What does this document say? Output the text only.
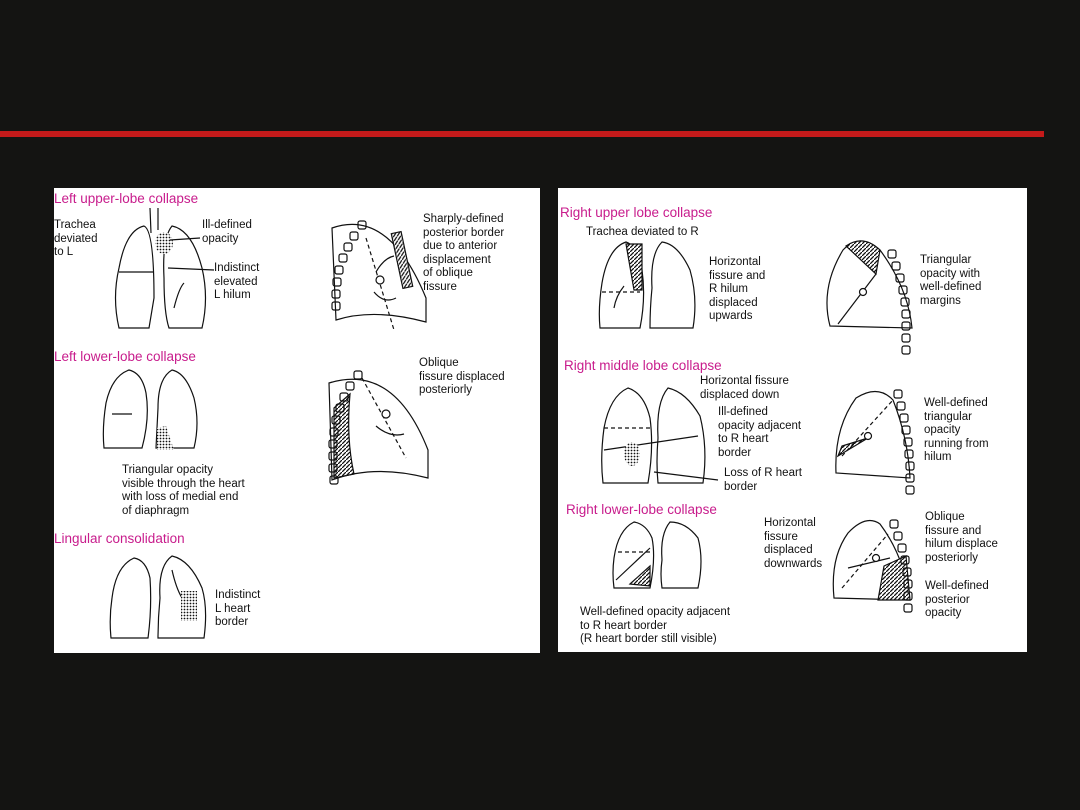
Left upper-lobe collapse
Trachea
deviated
to L
Ill-defined
opacity
Indistinct
elevated
L hilum
Sharply-defined
posterior border
due to anterior
displacement
of oblique
fissure
Left lower-lobe collapse	Oblique
fissure displaced
posteriorly
Triangular opacity
visible through the heart
with loss of medial end
of diaphragm
Lingular consolidation
Indistinct
L heart
border
Right upper lobe collapse
Trachea deviated to R
Horizontal
fissure and
R hilum
displaced
upwards
Triangular
opacity with
well-defined
margins
Right middle lobe collapse
Horizontal fissure
displaced down
Ill-defined
opacity adjacent
to R heart
border
Loss of R heart
border
Well-defined
triangular
opacity
running from
hilum
Right lower-lobe collapse
Horizontal
fissure
displaced
downwards
Oblique
fissure and
hilum displace
posteriorly
Well-defined
posterior
opacity
Well-defined opacity adjacent
to R heart border
(R heart border still visible)
